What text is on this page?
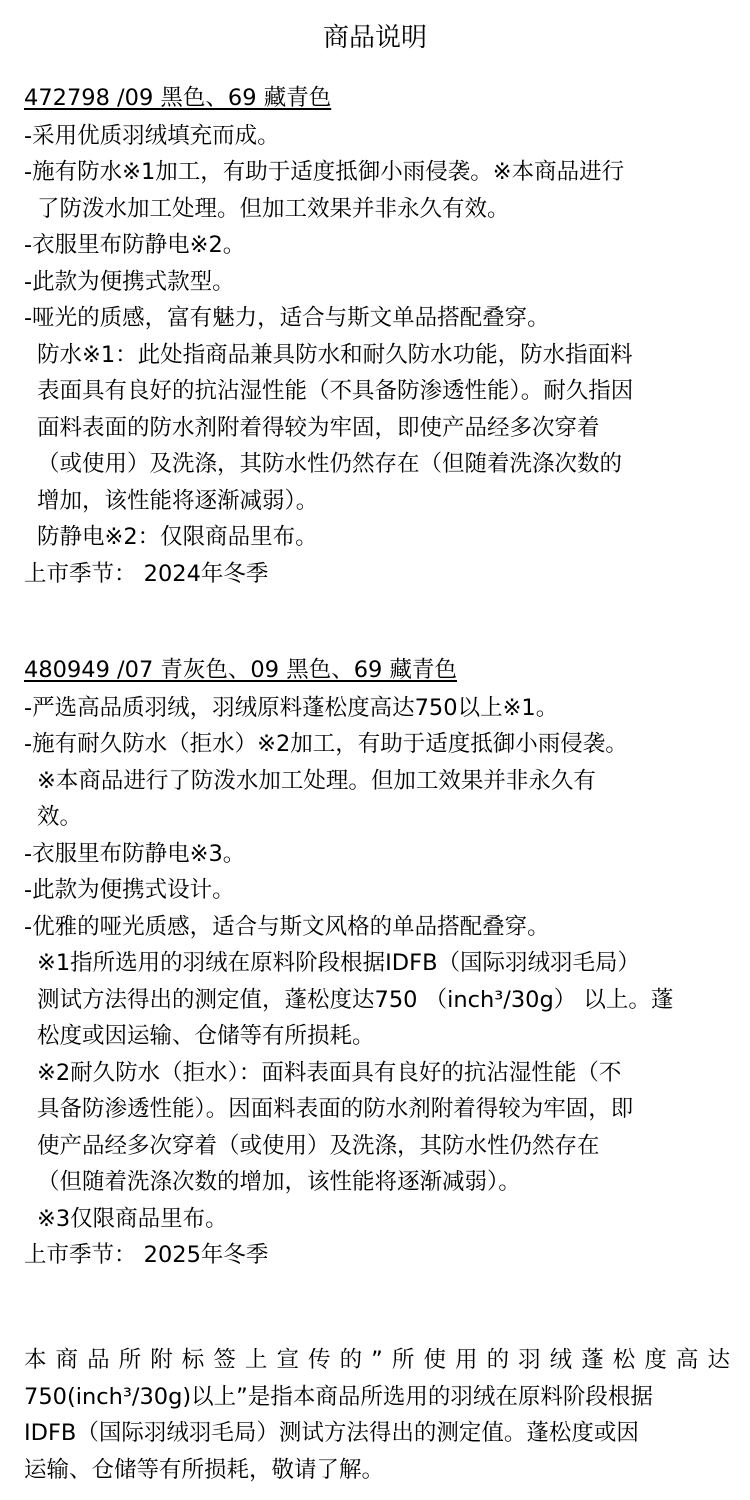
商品说明
472798 /09 黑色、69 藏青色
-采用优质羽绒填充而成。
-施有防水※1加工，有助于适度抵御小雨侵袭。※本商品进行
了防泼水加工处理。但加工效果并非永久有效。
-衣服里布防静电※2。
-此款为便携式款型。
-哑光的质感，富有魅力，适合与斯文单品搭配叠穿。
防水※1：此处指商品兼具防水和耐久防水功能，防水指面料
表面具有良好的抗沾湿性能（不具备防渗透性能）。耐久指因
面料表面的防水剂附着得较为牢固，即使产品经多次穿着
（或使用）及洗涤，其防水性仍然存在（但随着洗涤次数的
增加，该性能将逐渐减弱）。
防静电※2：仅限商品里布。
上市季节： 2024年冬季
480949 /07 青灰色、09 黑色、69 藏青色
-严选高品质羽绒，羽绒原料蓬松度高达750以上※1。
-施有耐久防水（拒水）※2加工，有助于适度抵御小雨侵袭。
※本商品进行了防泼水加工处理。但加工效果并非永久有
效。
-衣服里布防静电※3。
-此款为便携式设计。
-优雅的哑光质感，适合与斯文风格的单品搭配叠穿。
※1指所选用的羽绒在原料阶段根据IDFB（国际羽绒羽毛局）
测试方法得出的测定值，蓬松度达750 （inch³/30g） 以上。蓬
松度或因运输、仓储等有所损耗。
※2耐久防水（拒水）：面料表面具有良好的抗沾湿性能（不
具备防渗透性能）。因面料表面的防水剂附着得较为牢固，即
使产品经多次穿着（或使用）及洗涤，其防水性仍然存在
（但随着洗涤次数的增加，该性能将逐渐减弱）。
※3仅限商品里布。
上市季节： 2025年冬季
本商品所附标签上宣传的”所使用的羽绒蓬松度高达
750(inch³/30g)以上”是指本商品所选用的羽绒在原料阶段根据
IDFB（国际羽绒羽毛局）测试方法得出的测定值。蓬松度或因
运输、仓储等有所损耗，敬请了解。
